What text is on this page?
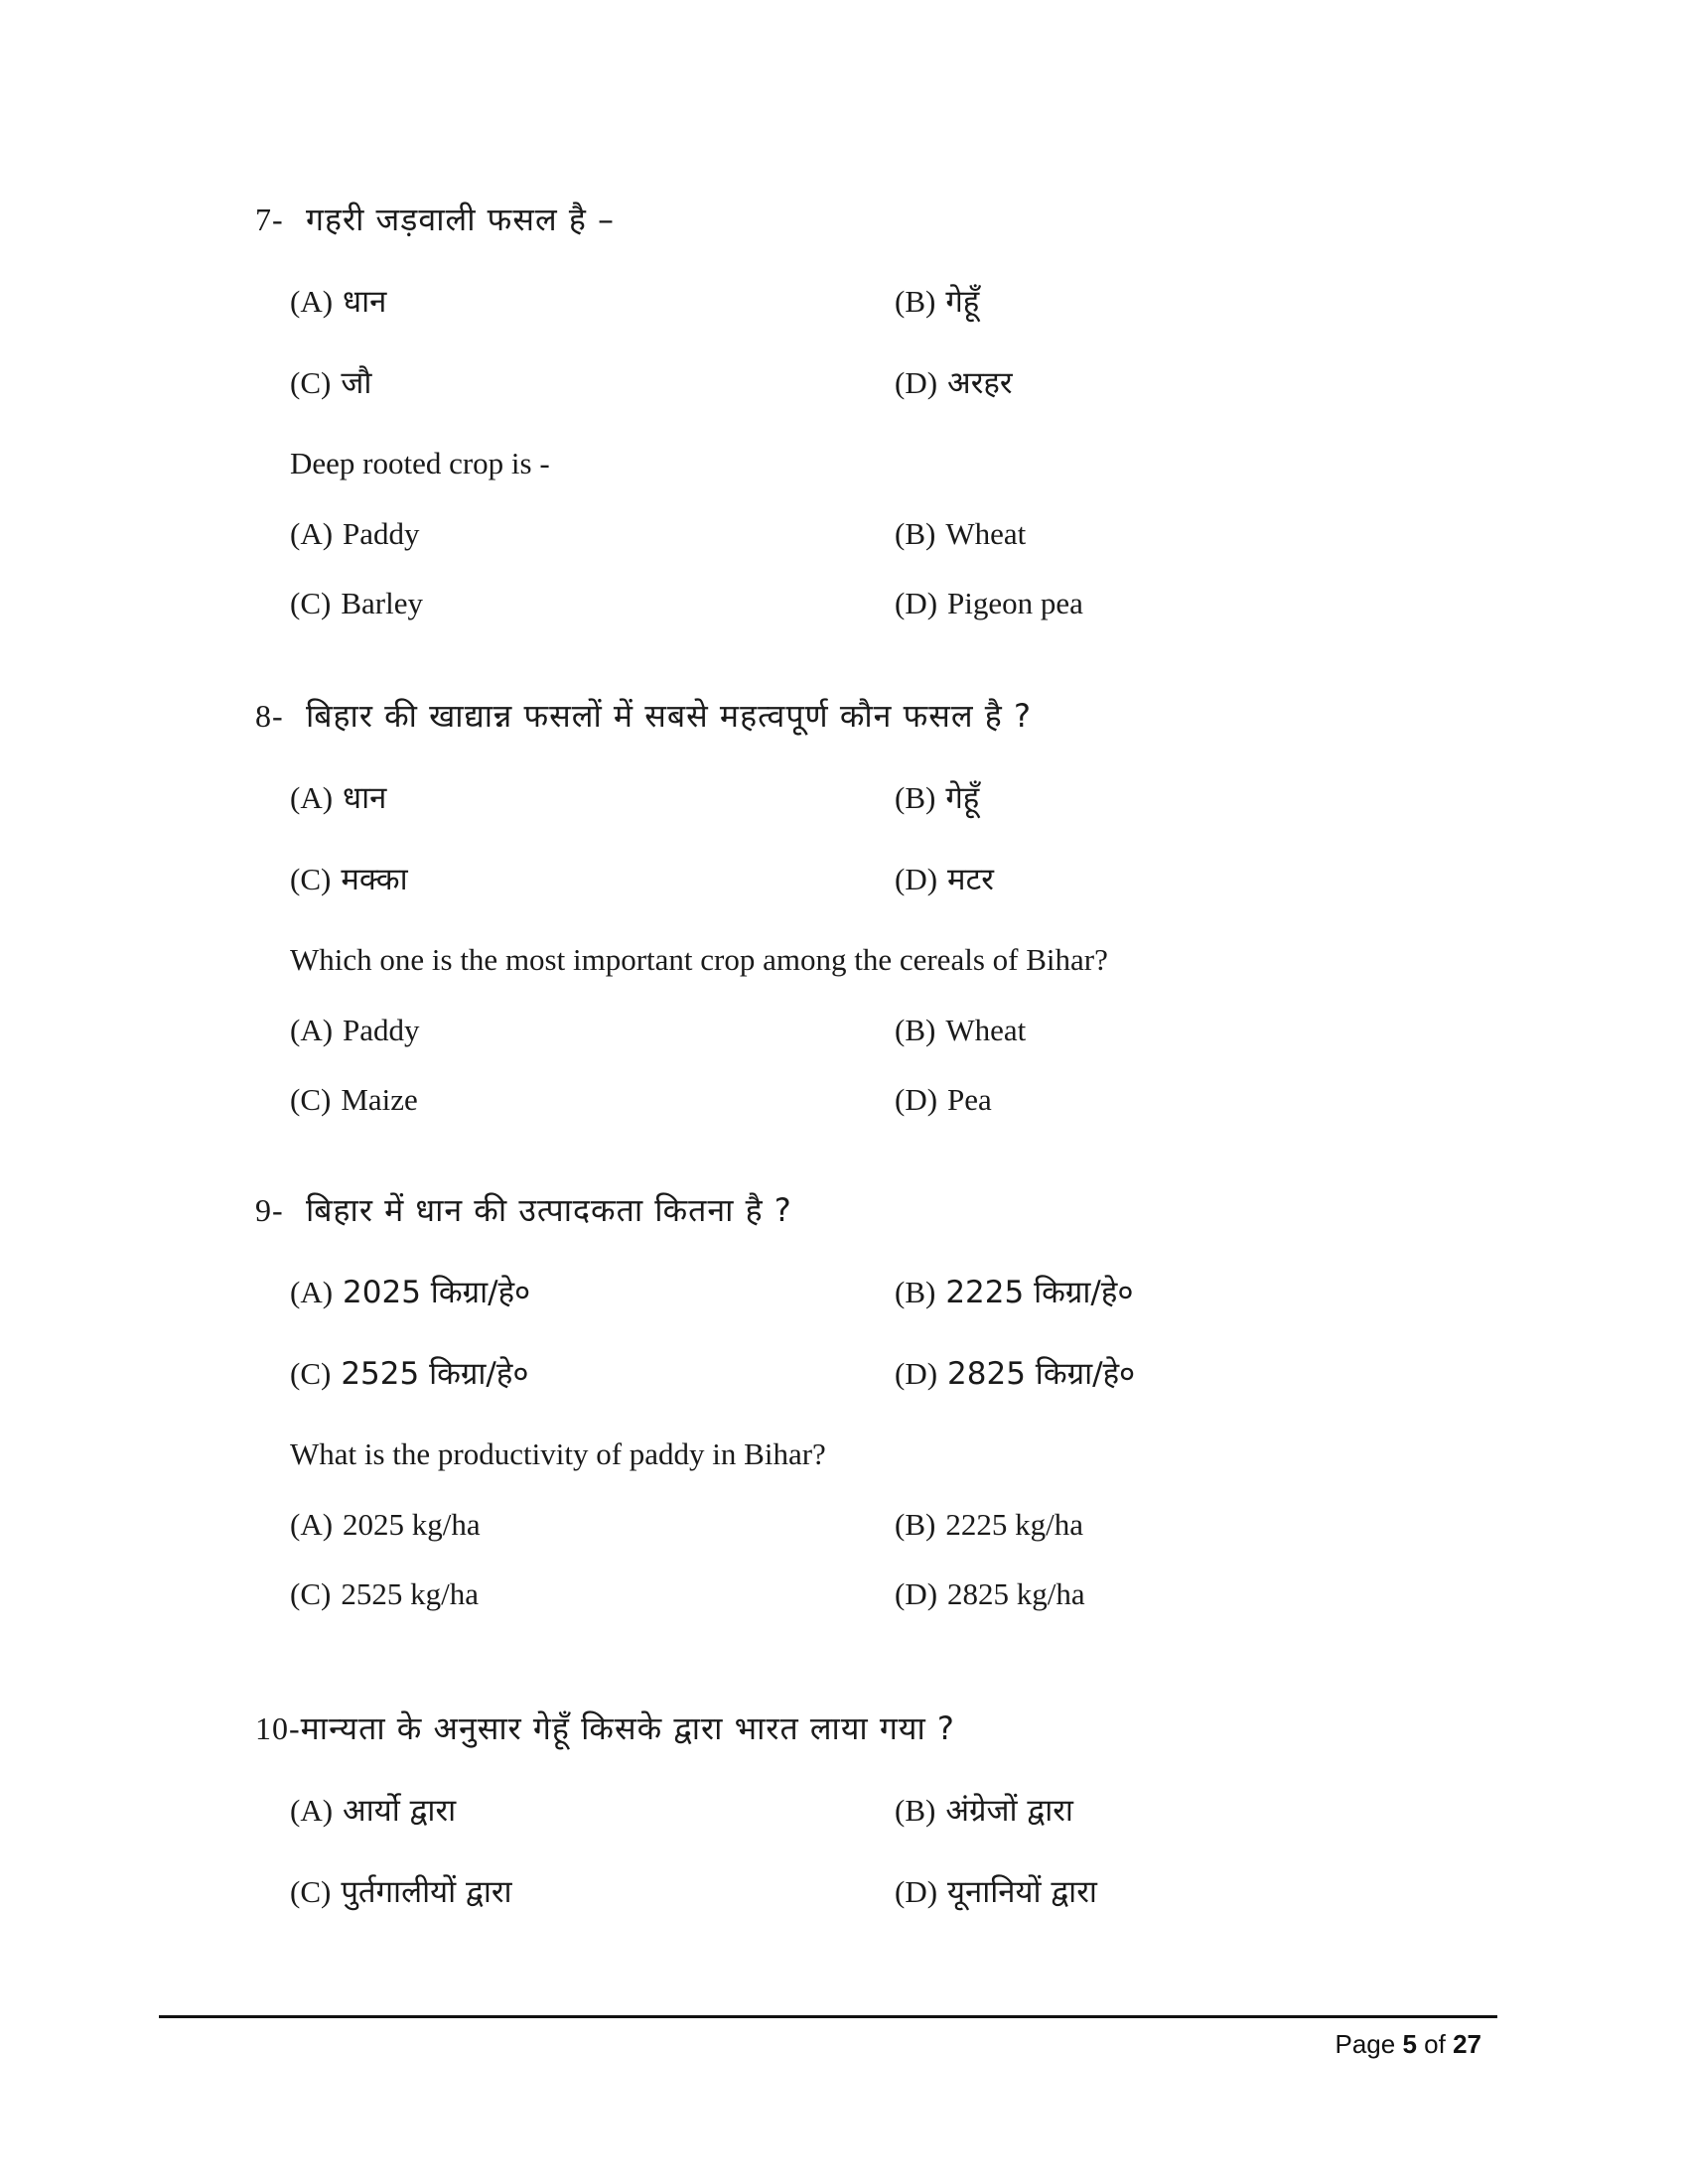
7- गहरी जड़वाली फसल है –
(A) धान	(B) गेहूँ
(C) जौ	(D) अरहर
Deep rooted crop is -
(A) Paddy	(B) Wheat
(C) Barley	(D) Pigeon pea
8- बिहार की खाद्यान्न फसलों में सबसे महत्वपूर्ण कौन फसल है ?
(A) धान	(B) गेहूँ
(C) मक्का	(D) मटर
Which one is the most important crop among the cereals of Bihar?
(A) Paddy	(B) Wheat
(C) Maize	(D) Pea
9- बिहार में धान की उत्पादकता कितना है ?
(A) 2025 किग्रा/हे०	(B) 2225 किग्रा/हे०
(C) 2525 किग्रा/हे०	(D) 2825 किग्रा/हे०
What is the productivity of paddy in Bihar?
(A) 2025 kg/ha	(B) 2225 kg/ha
(C) 2525 kg/ha	(D) 2825 kg/ha
10-मान्यता के अनुसार गेहूँ किसके द्वारा भारत लाया गया ?
(A) आर्यो द्वारा	(B) अंग्रेजों द्वारा
(C) पुर्तगालीयों द्वारा	(D) यूनानियों द्वारा
Page 5 of 27
